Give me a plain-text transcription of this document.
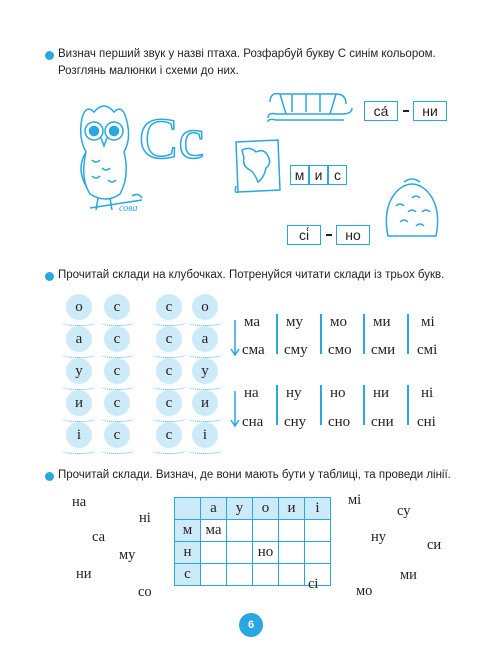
Визнач перший звук у назві птаха. Розфарбуй букву С синім кольором.
Розглянь малюнки і схеми до них.
сова
Сс	са́	ни
м и с
сі́	но
Прочитай склади на клубочках. Потренуйся читати склади із трьох букв.
о	с
а	с
у	с
и	с
і	с
с	о
с	а
с	у
с	и
с	і
ма му мо ми мі
сма сму смо сми смі
на ну но ни ні
сна сну сно сни сні
Прочитай склади. Визнач, де вони мають бути у таблиці, та проведи лінії.
на
ні
са
му
ни
со
мі
су
ну	си
ми
мо
	а	у	о	и	і
м	ма				
н			но		
с					
сі
6
